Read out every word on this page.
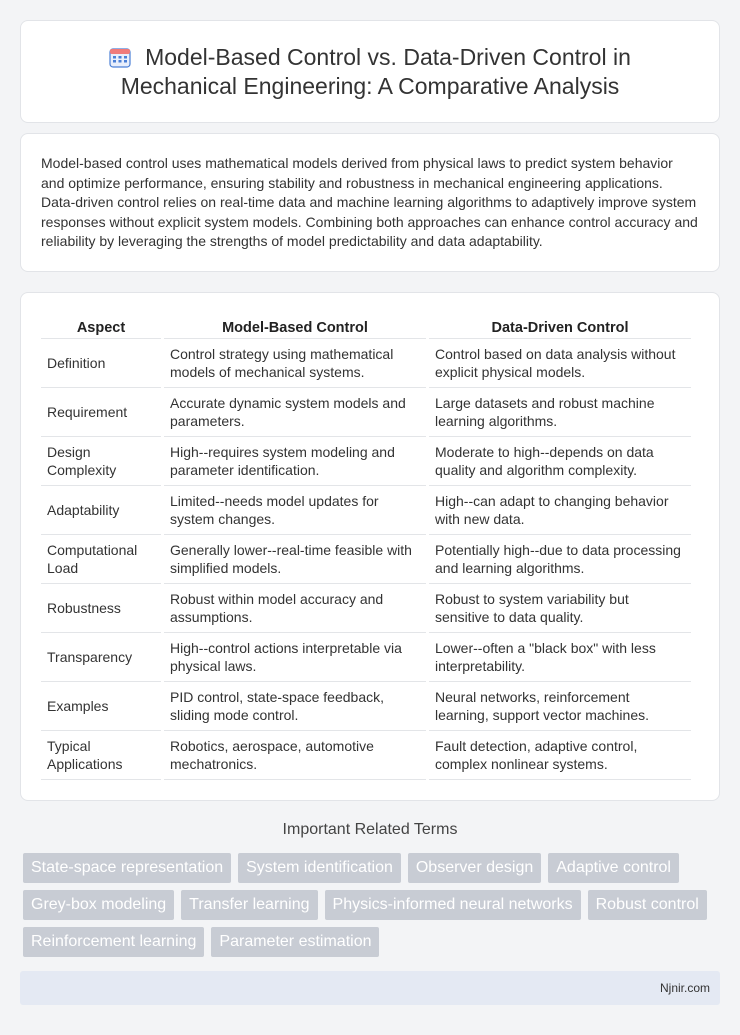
Model-Based Control vs. Data-Driven Control in Mechanical Engineering: A Comparative Analysis

Model-based control uses mathematical models derived from physical laws to predict system behavior and optimize performance, ensuring stability and robustness in mechanical engineering applications. Data-driven control relies on real-time data and machine learning algorithms to adaptively improve system responses without explicit system models. Combining both approaches can enhance control accuracy and reliability by leveraging the strengths of model predictability and data adaptability.

Aspect	Model-Based Control	Data-Driven Control
Definition	Control strategy using mathematical models of mechanical systems.	Control based on data analysis without explicit physical models.
Requirement	Accurate dynamic system models and parameters.	Large datasets and robust machine learning algorithms.
Design Complexity	High--requires system modeling and parameter identification.	Moderate to high--depends on data quality and algorithm complexity.
Adaptability	Limited--needs model updates for system changes.	High--can adapt to changing behavior with new data.
Computational Load	Generally lower--real-time feasible with simplified models.	Potentially high--due to data processing and learning algorithms.
Robustness	Robust within model accuracy and assumptions.	Robust to system variability but sensitive to data quality.
Transparency	High--control actions interpretable via physical laws.	Lower--often a "black box" with less interpretability.
Examples	PID control, state-space feedback, sliding mode control.	Neural networks, reinforcement learning, support vector machines.
Typical Applications	Robotics, aerospace, automotive mechatronics.	Fault detection, adaptive control, complex nonlinear systems.
Important Related Terms
State-space representation	System identification	Observer design	Adaptive control
Grey-box modeling	Transfer learning	Physics-informed neural networks	Robust control
Reinforcement learning	Parameter estimation
Njnir.com
